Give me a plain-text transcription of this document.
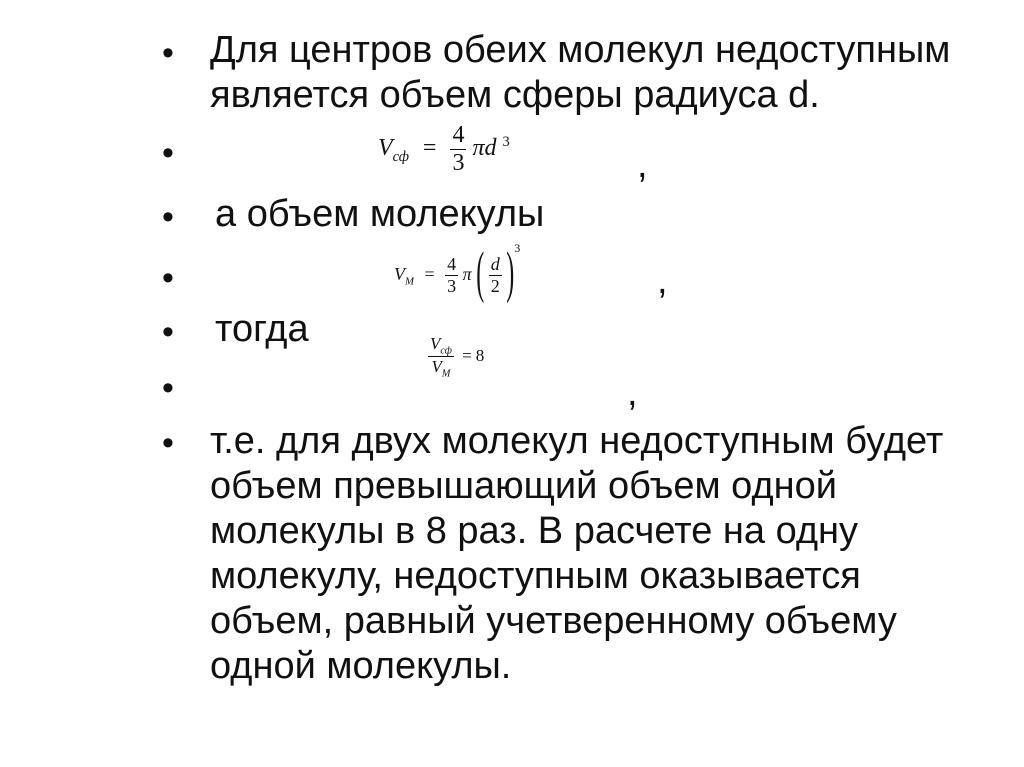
• Для центров обеих молекул недоступным
является объем сферы радиуса d.
•	$V_{сф} = \frac{4}{3}$ πd $^3$
,
•	а объем молекулы
•	$V_М = \frac{4}{3}$ π ( $\frac{d}{2} )^3$
,
•	тогда
•
$\frac{V_{сф}}{V_М} = 8$
,
• т.е. для двух молекул недоступным будет
объем превышающий объем одной
молекулы в 8 раз. В расчете на одну
молекулу, недоступным оказывается
объем, равный учетверенному объему
одной молекулы.
